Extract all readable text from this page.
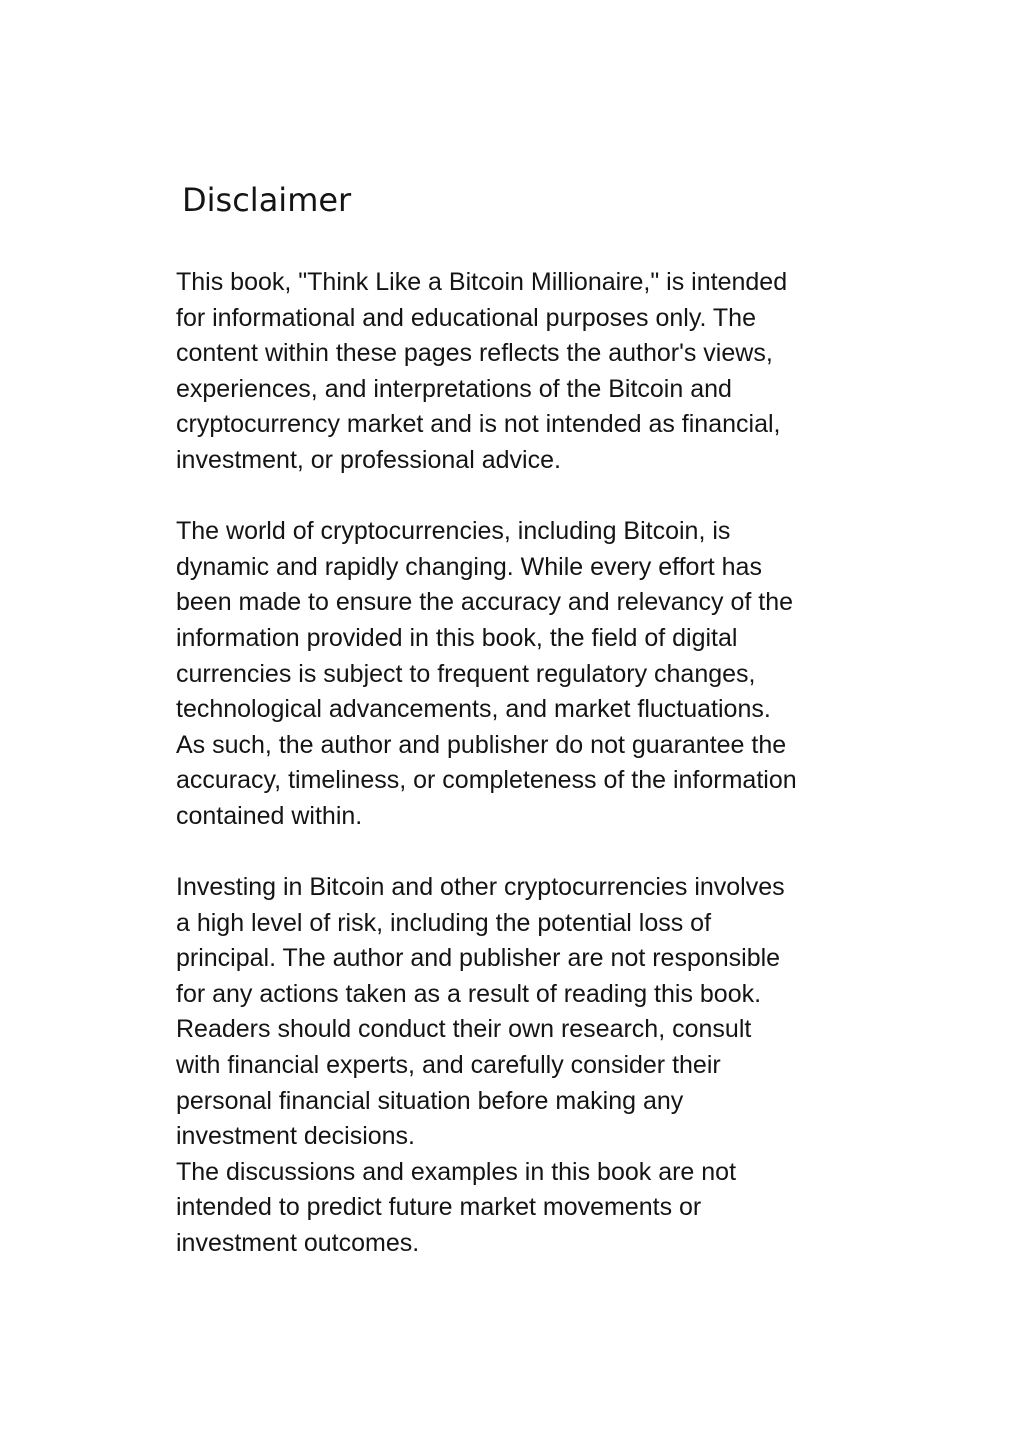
Disclaimer
This book, "Think Like a Bitcoin Millionaire," is intended
for informational and educational purposes only. The
content within these pages reflects the author's views,
experiences, and interpretations of the Bitcoin and
cryptocurrency market and is not intended as financial,
investment, or professional advice.
The world of cryptocurrencies, including Bitcoin, is
dynamic and rapidly changing. While every effort has
been made to ensure the accuracy and relevancy of the
information provided in this book, the field of digital
currencies is subject to frequent regulatory changes,
technological advancements, and market fluctuations.
As such, the author and publisher do not guarantee the
accuracy, timeliness, or completeness of the information
contained within.
Investing in Bitcoin and other cryptocurrencies involves
a high level of risk, including the potential loss of
principal. The author and publisher are not responsible
for any actions taken as a result of reading this book.
Readers should conduct their own research, consult
with financial experts, and carefully consider their
personal financial situation before making any
investment decisions.
The discussions and examples in this book are not
intended to predict future market movements or
investment outcomes.
